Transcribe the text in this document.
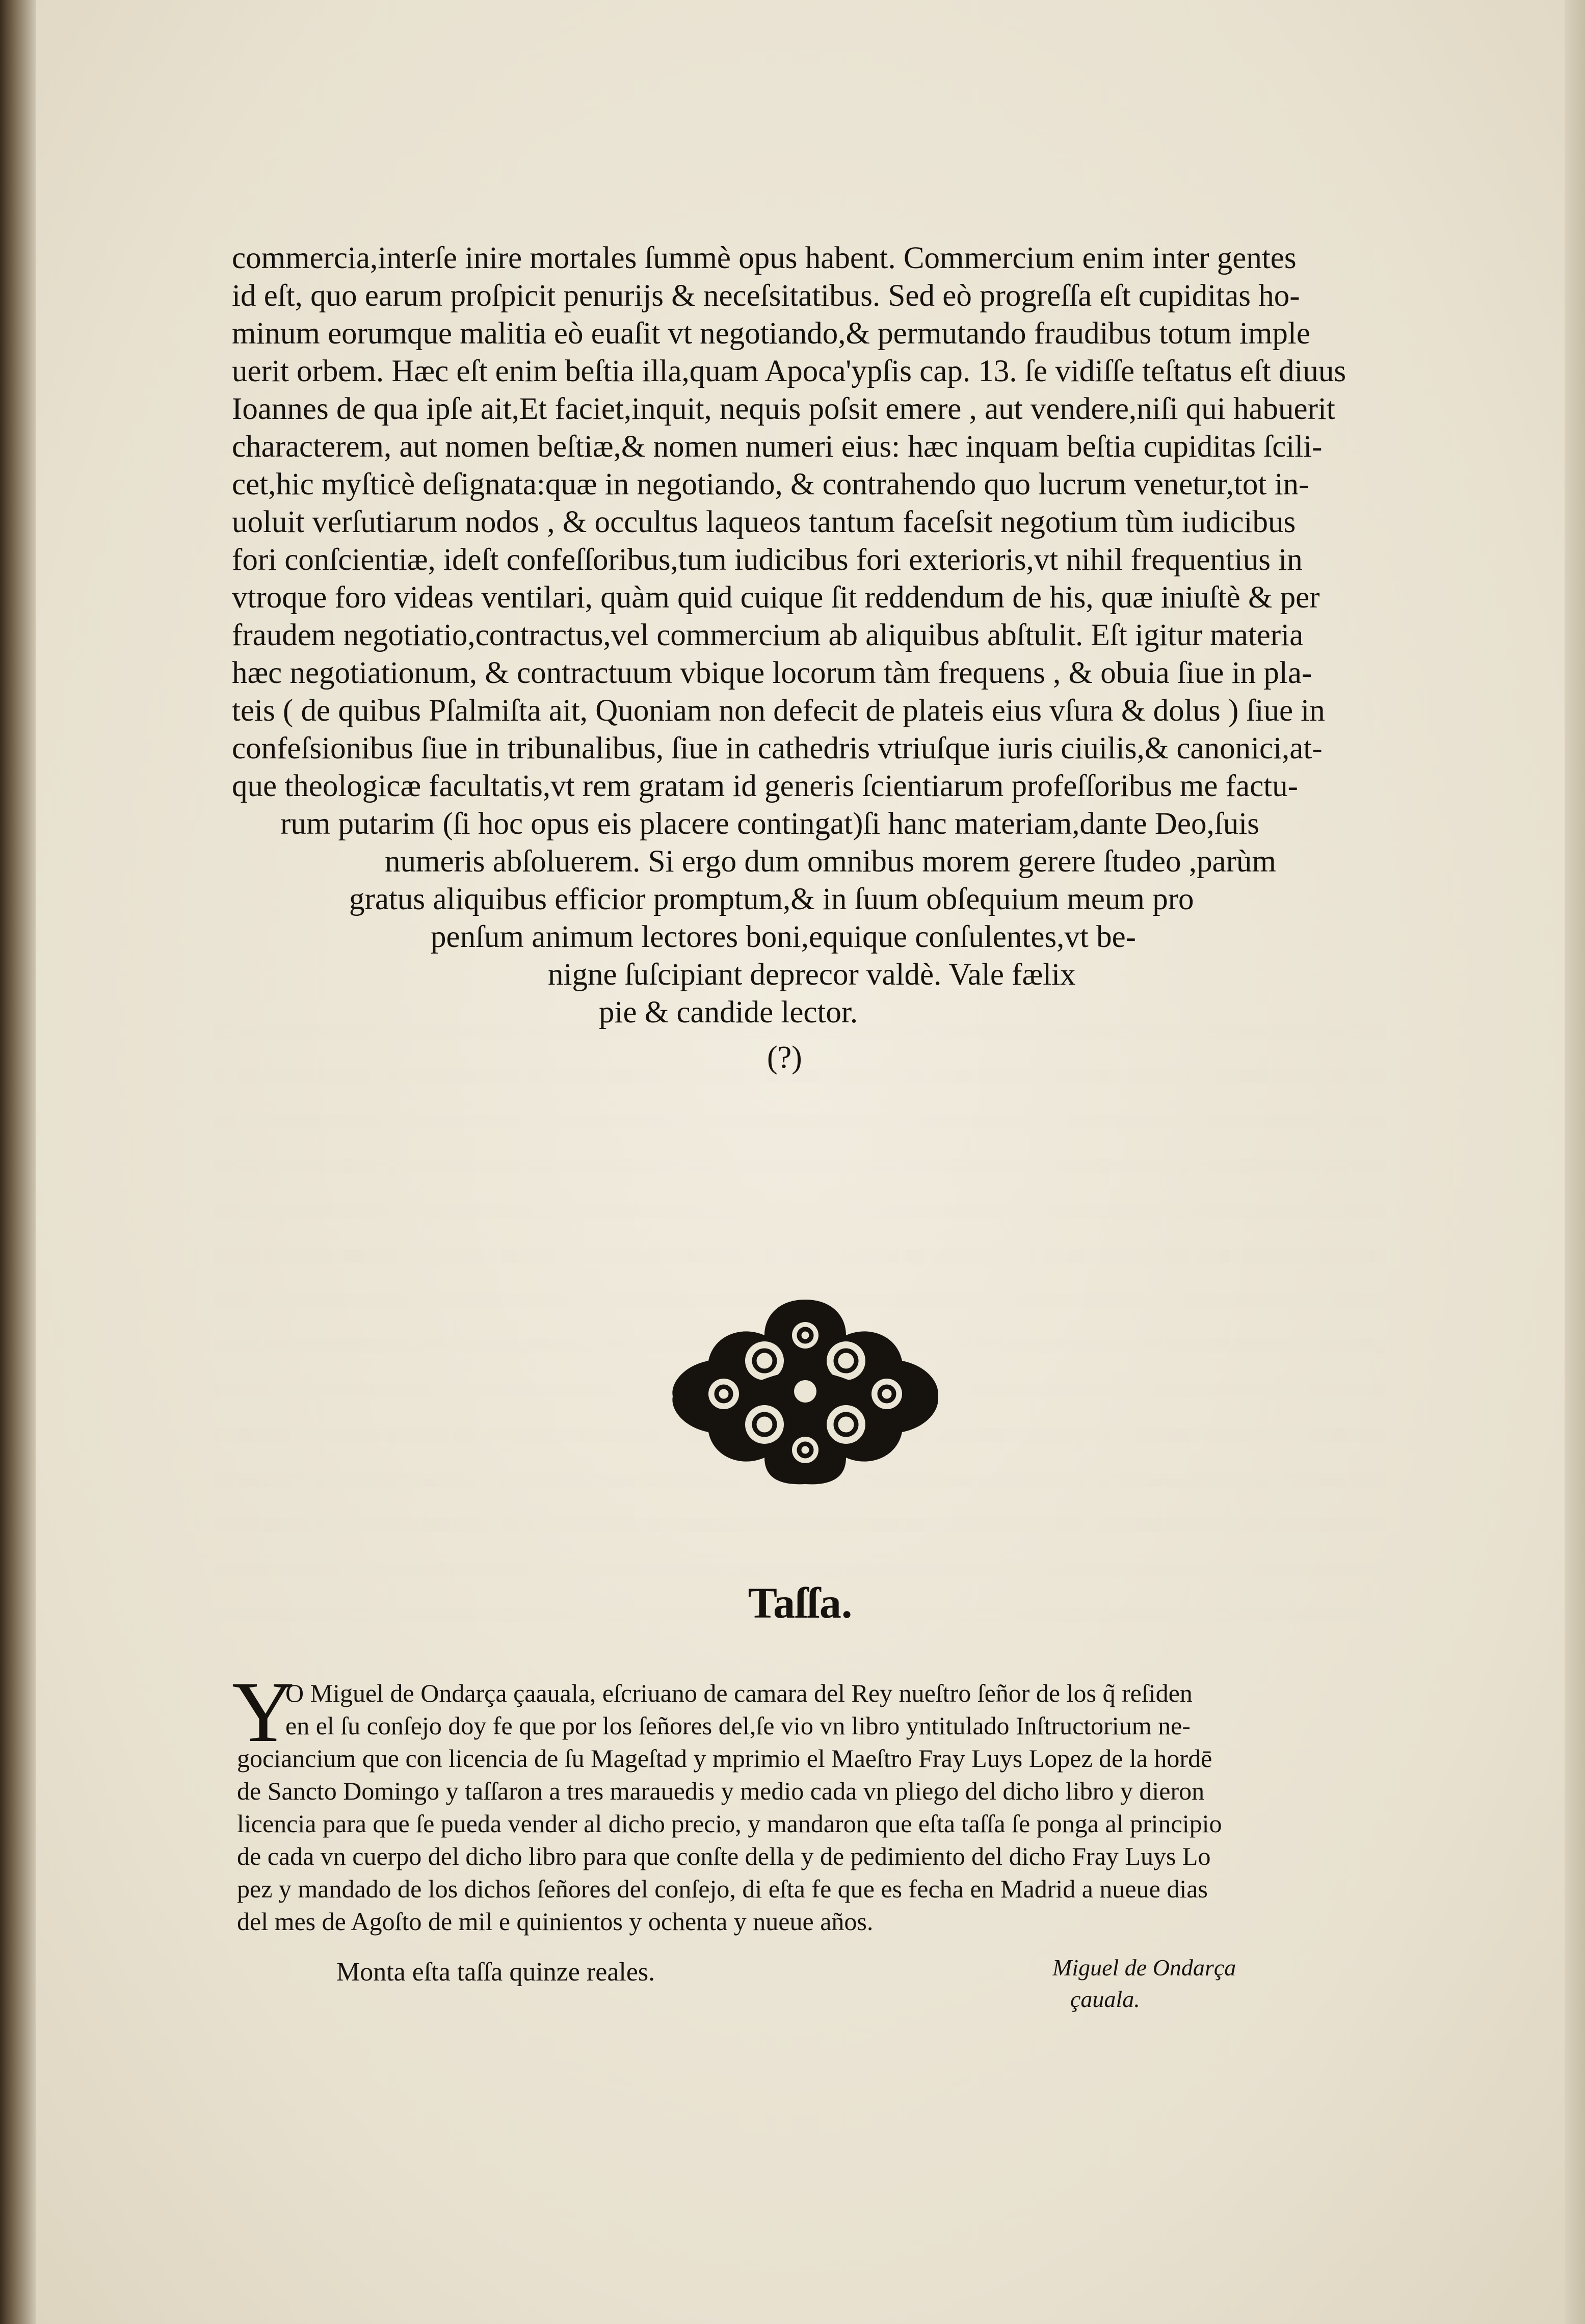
commercia,interſe inire mortales ſummè opus habent. Commercium enim inter gentes
id eſt, quo earum proſpicit penurijs & neceſsitatibus. Sed eò progreſſa eſt cupiditas ho-
minum eorumque malitia eò euaſit vt negotiando,& permutando fraudibus totum imple
uerit orbem. Hæc eſt enim beſtia illa,quam Apoca'ypſis cap. 13. ſe vidiſſe teſtatus eſt diuus
Ioannes de qua ipſe ait,Et faciet,inquit, nequis poſsit emere , aut vendere,niſi qui habuerit
characterem, aut nomen beſtiæ,& nomen numeri eius: hæc inquam beſtia cupiditas ſcili-
cet,hic myſticè deſignata:quæ in negotiando, & contrahendo quo lucrum venetur,tot in-
uoluit verſutiarum nodos , & occultus laqueos tantum faceſsit negotium tùm iudicibus
fori conſcientiæ, ideſt confeſſoribus,tum iudicibus fori exterioris,vt nihil frequentius in
vtroque foro videas ventilari, quàm quid cuique ſit reddendum de his, quæ iniuſtè & per
fraudem negotiatio,contractus,vel commercium ab aliquibus abſtulit. Eſt igitur materia
hæc negotiationum, & contractuum vbique locorum tàm frequens , & obuia ſiue in pla-
teis ( de quibus Pſalmiſta ait, Quoniam non defecit de plateis eius vſura & dolus ) ſiue in
confeſsionibus ſiue in tribunalibus, ſiue in cathedris vtriuſque iuris ciuilis,& canonici,at-
que theologicæ facultatis,vt rem gratam id generis ſcientiarum profeſſoribus me factu-
rum putarim (ſi hoc opus eis placere contingat)ſi hanc materiam,dante Deo,ſuis
numeris abſoluerem. Si ergo dum omnibus morem gerere ſtudeo ,parùm
gratus aliquibus efficior promptum,& in ſuum obſequium meum pro
penſum animum lectores boni,equique conſulentes,vt be-
nigne ſuſcipiant deprecor valdè. Vale fælix
pie & candide lector.
(?)
Taſſa.
Y
O Miguel de Ondarça çaauala, eſcriuano de camara del Rey nueſtro ſeñor de los q̃ reſiden
en el ſu conſejo doy fe que por los ſeñores del,ſe vio vn libro yntitulado Inſtructorium ne-
gociancium que con licencia de ſu Mageſtad y mprimio el Maeſtro Fray Luys Lopez de la hordē
de Sancto Domingo y taſſaron a tres marauedis y medio cada vn pliego del dicho libro y dieron
licencia para que ſe pueda vender al dicho precio, y mandaron que eſta taſſa ſe ponga al principio
de cada vn cuerpo del dicho libro para que conſte della y de pedimiento del dicho Fray Luys Lo
pez y mandado de los dichos ſeñores del conſejo, di eſta fe que es fecha en Madrid a nueue dias
del mes de Agoſto de mil e quinientos y ochenta y nueue años.
Monta eſta taſſa quinze reales.	Miguel de Ondarça
çauala.
